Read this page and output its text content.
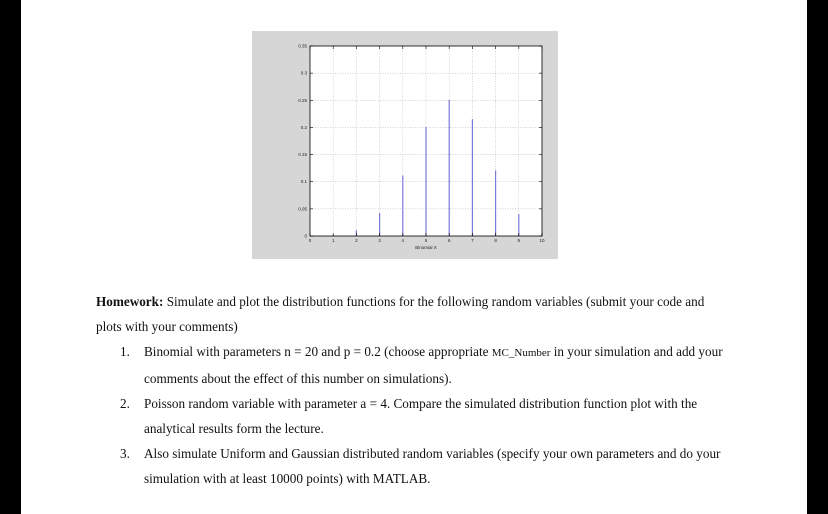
0
0.05
0.1
0.15
0.2
0.25
0.3
0.35
0	1	2	3	4	5	6	7	8	9	10
Binomial X

Homework: Simulate and plot the distribution functions for the following random variables (submit your code and plots with your comments)

1. Binomial with parameters n = 20 and p = 0.2 (choose appropriate MC_Number in your simulation and add your comments about the effect of this number on simulations).
2. Poisson random variable with parameter a = 4. Compare the simulated distribution function plot with the analytical results form the lecture.
3. Also simulate Uniform and Gaussian distributed random variables (specify your own parameters and do your simulation with at least 10000 points) with MATLAB.
